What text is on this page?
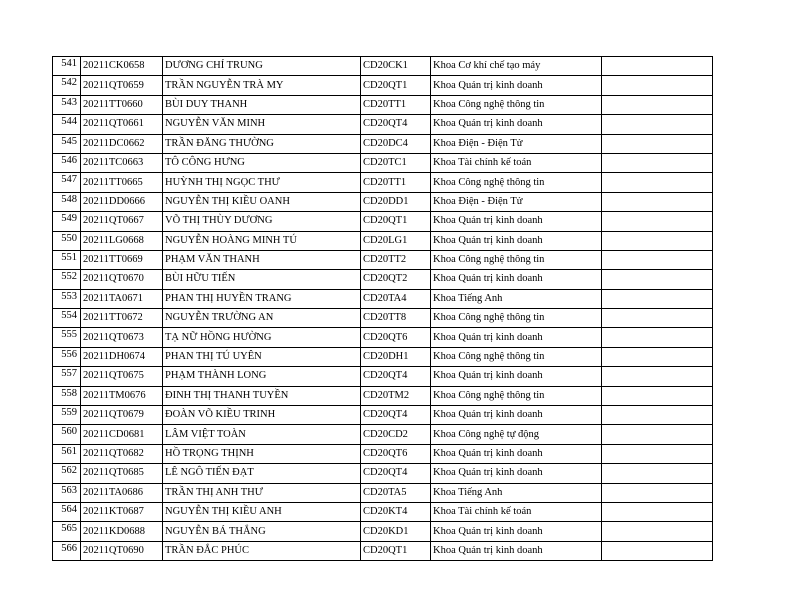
541	20211CK0658	DƯƠNG CHÍ TRUNG	CD20CK1	Khoa Cơ khí chế tạo máy	
542	20211QT0659	TRẦN NGUYỄN TRÀ MY	CD20QT1	Khoa Quản trị kinh doanh	
543	20211TT0660	BÙI DUY THANH	CD20TT1	Khoa Công nghệ thông tin	
544	20211QT0661	NGUYỄN VĂN MINH	CD20QT4	Khoa Quản trị kinh doanh	
545	20211DC0662	TRẦN ĐĂNG THƯỜNG	CD20DC4	Khoa Điện - Điện Tử	
546	20211TC0663	TÔ CÔNG HƯNG	CD20TC1	Khoa Tài chính kế toán	
547	20211TT0665	HUỲNH THỊ NGỌC THƯ	CD20TT1	Khoa Công nghệ thông tin	
548	20211DD0666	NGUYỄN THỊ KIỀU OANH	CD20DD1	Khoa Điện - Điện Tử	
549	20211QT0667	VÕ THỊ THÙY DƯƠNG	CD20QT1	Khoa Quản trị kinh doanh	
550	20211LG0668	NGUYỄN HOÀNG MINH TÚ	CD20LG1	Khoa Quản trị kinh doanh	
551	20211TT0669	PHẠM VĂN THANH	CD20TT2	Khoa Công nghệ thông tin	
552	20211QT0670	BÙI HỮU TIẾN	CD20QT2	Khoa Quản trị kinh doanh	
553	20211TA0671	PHAN THỊ HUYỀN TRANG	CD20TA4	Khoa Tiếng Anh	
554	20211TT0672	NGUYỄN TRƯỜNG AN	CD20TT8	Khoa Công nghệ thông tin	
555	20211QT0673	TẠ NỮ HỒNG HƯỜNG	CD20QT6	Khoa Quản trị kinh doanh	
556	20211DH0674	PHAN THỊ TÚ UYÊN	CD20DH1	Khoa Công nghệ thông tin	
557	20211QT0675	PHẠM THÀNH LONG	CD20QT4	Khoa Quản trị kinh doanh	
558	20211TM0676	ĐINH THỊ THANH TUYỀN	CD20TM2	Khoa Công nghệ thông tin	
559	20211QT0679	ĐOÀN VÕ KIỀU TRINH	CD20QT4	Khoa Quản trị kinh doanh	
560	20211CD0681	LÂM VIỆT TOÀN	CD20CD2	Khoa Công nghệ tự động	
561	20211QT0682	HỒ TRỌNG THỊNH	CD20QT6	Khoa Quản trị kinh doanh	
562	20211QT0685	LÊ NGÔ TIẾN ĐẠT	CD20QT4	Khoa Quản trị kinh doanh	
563	20211TA0686	TRẦN THỊ ANH THƯ	CD20TA5	Khoa Tiếng Anh	
564	20211KT0687	NGUYỄN THỊ KIỀU ANH	CD20KT4	Khoa Tài chính kế toán	
565	20211KD0688	NGUYỄN BÁ THẮNG	CD20KD1	Khoa Quản trị kinh doanh	
566	20211QT0690	TRẦN ĐẮC PHÚC	CD20QT1	Khoa Quản trị kinh doanh	
